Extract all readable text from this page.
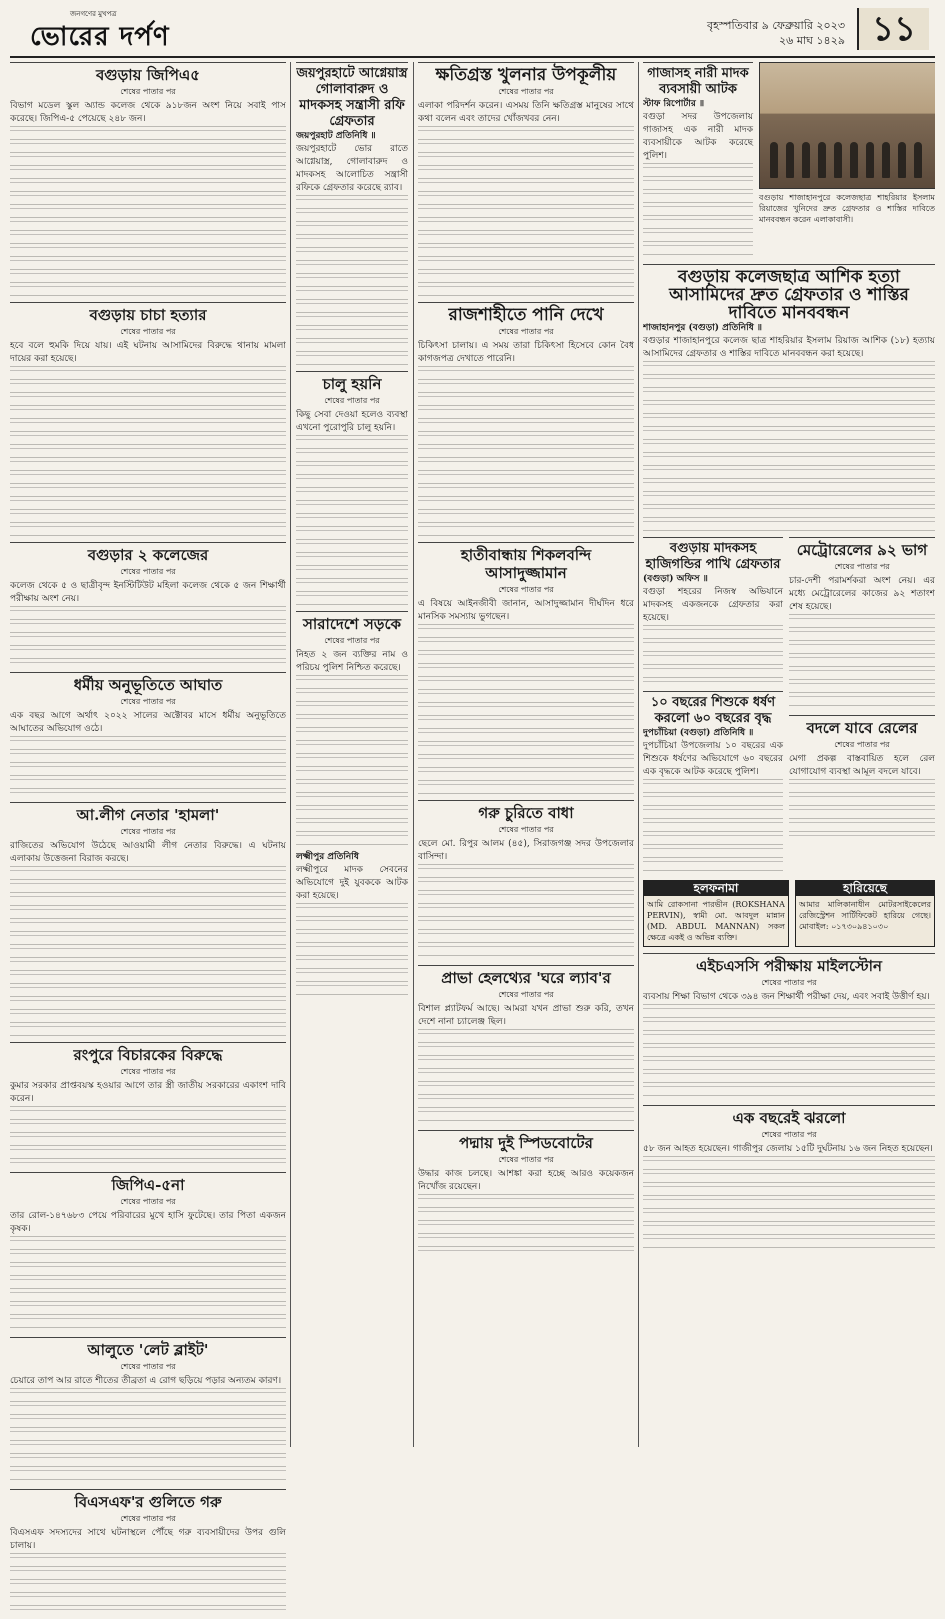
জনগণের মুখপত্র
ভোরের দর্পণ	বৃহস্পতিবার ৯ ফেব্রুয়ারি ২০২৩
২৬ মাঘ ১৪২৯ ১১

বগুড়ায় জিপিএ৫

শেষের পাতার পর

বিভাগ মডেল স্কুল অ্যান্ড কলেজ থেকে ৯১৮জন অংশ নিয়ে সবাই পাস করেছে। জিপিএ-৫ পেয়েছে ২৪৮ জন।

বগুড়ায় চাচা হত্যার

শেষের পাতার পর

হবে বলে হুমকি দিয়ে যায়। এই ঘটনায় আসামিদের বিরুদ্ধে থানায় মামলা দায়ের করা হয়েছে।

বগুড়ার ২ কলেজের

শেষের পাতার পর

কলেজ থেকে ৫ ও ছাত্রীবৃন্দ ইনস্টিটিউট মহিলা কলেজ থেকে ৫ জন শিক্ষার্থী পরীক্ষায় অংশ নেয়।

ধর্মীয় অনুভূতিতে আঘাত

শেষের পাতার পর

এক বছর আগে অর্থাৎ ২০২২ সালের অক্টোবর মাসে ধর্মীয় অনুভূতিতে আঘাতের অভিযোগ ওঠে।

আ.লীগ নেতার 'হামলা'

শেষের পাতার পর

রাজিতের অভিযোগ উঠেছে আওয়ামী লীগ নেতার বিরুদ্ধে। এ ঘটনায় এলাকায় উত্তেজনা বিরাজ করছে।

রংপুরে বিচারকের বিরুদ্ধে

শেষের পাতার পর

কুমার সরকার প্রাপ্তবয়স্ক হওয়ার আগে তার স্ত্রী জাতীয় সরকারের একাংশ দাবি করেন।

জিপিএ-৫না

শেষের পাতার পর

তার রোল-১৪৭৬৮৩ পেয়ে পরিবারের মুখে হাসি ফুটেছে। তার পিতা একজন কৃষক।

আলুতে 'লেট ব্লাইট'

শেষের পাতার পর

চেয়ারে তাপ আর রাতে শীতের তীব্রতা এ রোগ ছড়িয়ে পড়ার অন্যতম কারণ।

বিএসএফ'র গুলিতে গরু

শেষের পাতার পর

বিএসএফ সদস্যদের সাথে ঘটনাস্থলে পৌঁছে গরু ব্যবসায়ীদের উপর গুলি চালায়।

জয়পুরহাটে আগ্নেয়াস্ত্র গোলাবারুদ ও মাদকসহ সন্ত্রাসী রফি গ্রেফতার

জয়পুরহাট প্রতিনিধি ॥

জয়পুরহাটে ভোর রাতে আগ্নেয়াস্ত্র, গোলাবারুদ ও মাদকসহ আলোচিত সন্ত্রাসী রফিকে গ্রেফতার করেছে র‌্যাব।

চালু হয়নি

শেষের পাতার পর

কিছু সেবা দেওয়া হলেও ব্যবস্থা এখনো পুরোপুরি চালু হয়নি।

সারাদেশে সড়কে

শেষের পাতার পর

নিহত ২ জন ব্যক্তির নাম ও পরিচয় পুলিশ নিশ্চিত করেছে।

লক্ষ্মীপুর প্রতিনিধি

লক্ষ্মীপুরে মাদক সেবনের অভিযোগে দুই যুবককে আটক করা হয়েছে।

ক্ষতিগ্রস্ত খুলনার উপকূলীয়

শেষের পাতার পর

এলাকা পরিদর্শন করেন। এসময় তিনি ক্ষতিগ্রস্ত মানুষের সাথে কথা বলেন এবং তাদের খোঁজখবর নেন।

রাজশাহীতে পানি দেখে

শেষের পাতার পর

চিকিৎসা চালায়। এ সময় তারা চিকিৎসা হিসেবে কোন বৈধ কাগজপত্র দেখাতে পারেনি।

হাতীবান্ধায় শিকলবন্দি আসাদুজ্জামান

শেষের পাতার পর

এ বিষয়ে আইনজীবী জানান, আসাদুজ্জামান দীর্ঘদিন ধরে মানসিক সমস্যায় ভুগছেন।

গরু চুরিতে বাধা

শেষের পাতার পর

ছেলে মো. রিপুর আলম (৪৫), সিরাজগঞ্জ সদর উপজেলার বাসিন্দা।

প্রাভা হেলথ্যের 'ঘরে ল্যাব'র

শেষের পাতার পর

বিশাল প্ল্যাটফর্ম আছে। আমরা যখন প্রাভা শুরু করি, তখন দেশে নানা চ্যালেঞ্জ ছিল।

পদ্মায় দুই স্পিডবোটের

শেষের পাতার পর

উদ্ধার কাজ চলছে। আশঙ্কা করা হচ্ছে আরও কয়েকজন নিখোঁজ রয়েছেন।

গাজাসহ নারী মাদক ব্যবসায়ী আটক

স্টাফ রিপোর্টার ॥

বগুড়া সদর উপজেলায় গাজাসহ এক নারী মাদক ব্যবসায়ীকে আটক করেছে পুলিশ।

বগুড়ায় শাজাহানপুরে কলেজছাত্র শাহরিয়ার ইসলাম রিয়াজের খুনিদের দ্রুত গ্রেফতার ও শাস্তির দাবিতে মানববন্ধন করেন এলাকাবাসী।

বগুড়ায় কলেজছাত্র আশিক হত্যা আসামিদের দ্রুত গ্রেফতার ও শাস্তির দাবিতে মানববন্ধন

শাজাহানপুর (বগুড়া) প্রতিনিধি ॥

বগুড়ার শাজাহানপুরে কলেজ ছাত্র শাহরিয়ার ইসলাম রিয়াজ আশিক (১৮) হত্যায় আসামিদের গ্রেফতার ও শাস্তির দাবিতে মানববন্ধন করা হয়েছে।

বগুড়ায় মাদকসহ হাজিগন্ডির পাখি গ্রেফতার

(বগুড়া) অফিস ॥

বগুড়া শহরের নিজস্ব অভিযানে মাদকসহ একজনকে গ্রেফতার করা হয়েছে।

১০ বছরের শিশুকে ধর্ষণ করলো ৬০ বছরের বৃদ্ধ

দুপচাঁচিয়া (বগুড়া) প্রতিনিধি ॥

দুপচাঁচিয়া উপজেলায় ১০ বছরের এক শিশুকে ধর্ষণের অভিযোগে ৬০ বছরের এক বৃদ্ধকে আটক করেছে পুলিশ।

মেট্রোরেলের ৯২ ভাগ

শেষের পাতার পর

চার-দেশী পরামর্শকরা অংশ নেয়। এর মধ্যে মেট্রোরেলের কাজের ৯২ শতাংশ শেষ হয়েছে।

বদলে যাবে রেলের

শেষের পাতার পর

মেগা প্রকল্প বাস্তবায়িত হলে রেল যোগাযোগ ব্যবস্থা আমূল বদলে যাবে।

হলফনামা
আমি রোকসানা পারভীন (ROKSHANA PERVIN), স্বামী মো. আবদুল মান্নান (MD. ABDUL MANNAN) সকল ক্ষেত্রে একই ও অভিন্ন ব্যক্তি।
হারিয়েছে
আমার মালিকানাধীন মোটরসাইকেলের রেজিস্ট্রেশন সার্টিফিকেট হারিয়ে গেছে। মোবাইল: ০১৭৩০৯৪১০৩০

এইচএসসি পরীক্ষায় মাইলস্টোন

শেষের পাতার পর

ব্যবসায় শিক্ষা বিভাগ থেকে ৩৯৪ জন শিক্ষার্থী পরীক্ষা দেয়, এবং সবাই উত্তীর্ণ হয়।

এক বছরেই ঝরলো

শেষের পাতার পর

৫৮ জন আহত হয়েছেন। গাজীপুর জেলায় ১৫টি দুর্ঘটনায় ১৬ জন নিহত হয়েছেন।
